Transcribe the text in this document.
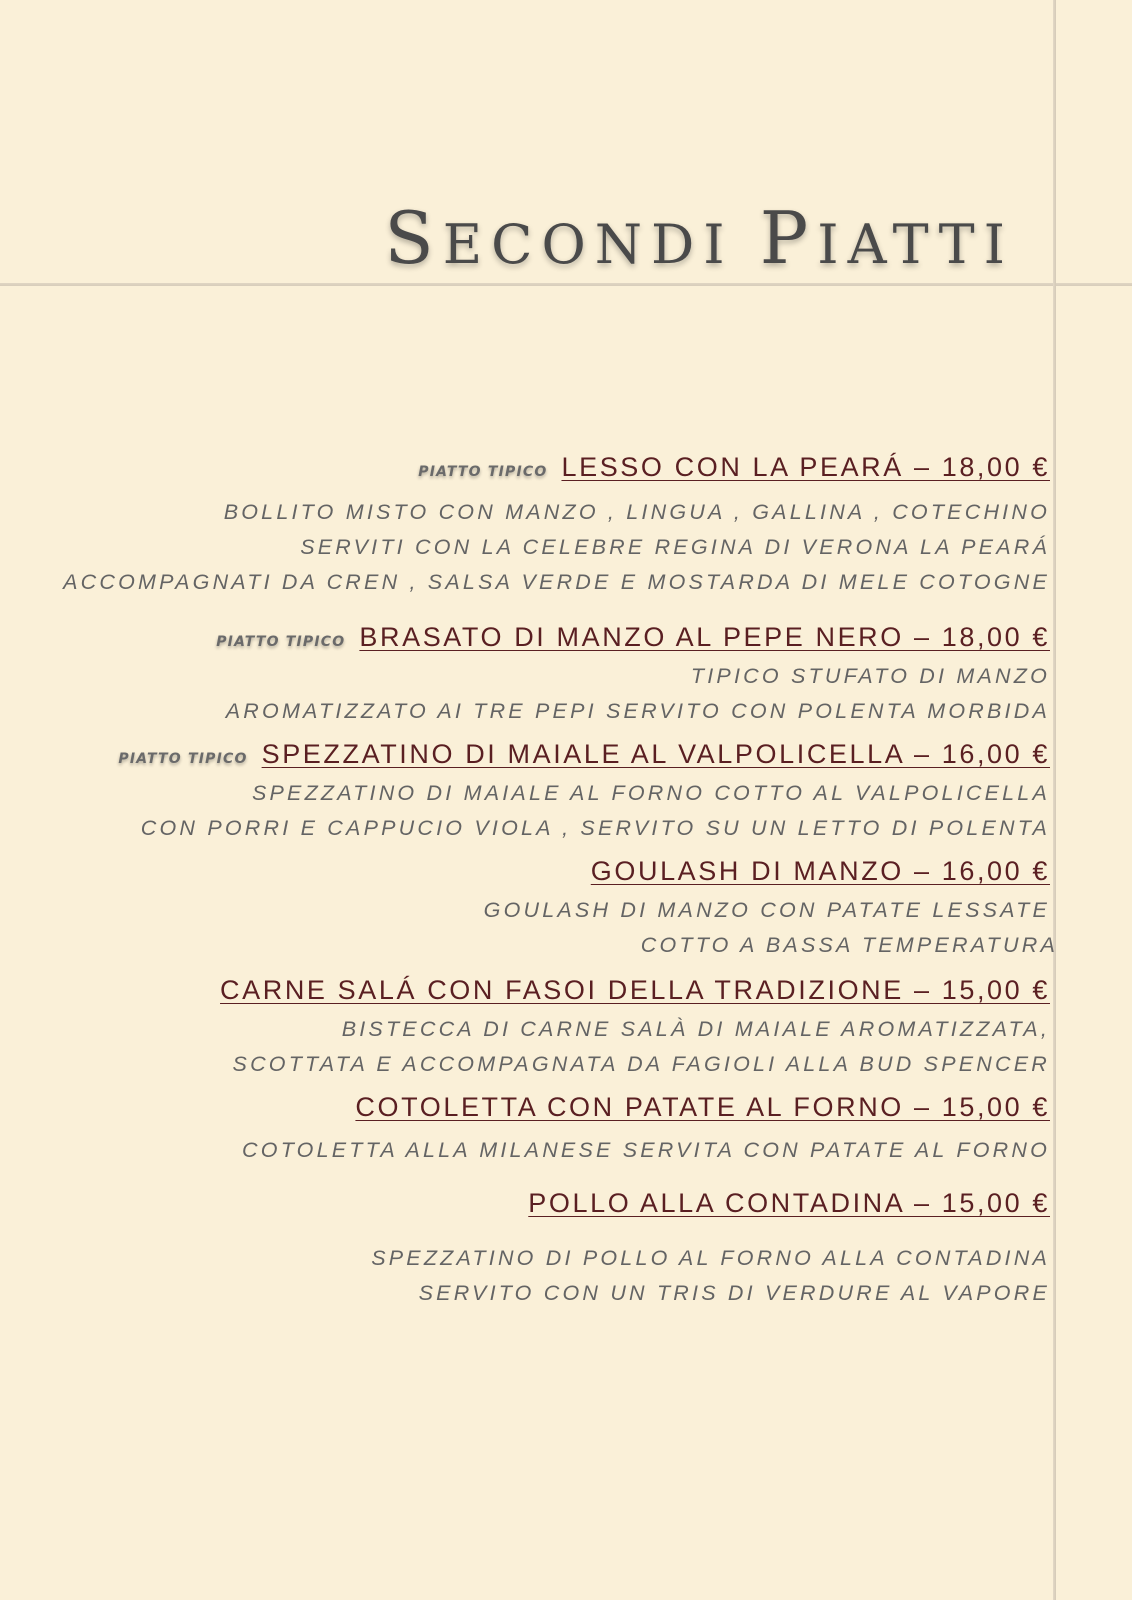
SECONDI PIATTI
PIATTO TIPICO LESSO CON LA PEARÁ – 18,00 €
BOLLITO MISTO CON MANZO , LINGUA , GALLINA , COTECHINO
SERVITI CON LA CELEBRE REGINA DI VERONA LA PEARÁ
ACCOMPAGNATI DA CREN , SALSA VERDE E MOSTARDA DI MELE COTOGNE
PIATTO TIPICO BRASATO DI MANZO AL PEPE NERO – 18,00 €
TIPICO STUFATO DI MANZO
AROMATIZZATO AI TRE PEPI SERVITO CON POLENTA MORBIDA
PIATTO TIPICO SPEZZATINO DI MAIALE AL VALPOLICELLA – 16,00 €
SPEZZATINO DI MAIALE AL FORNO COTTO AL VALPOLICELLA
CON PORRI E CAPPUCIO VIOLA , SERVITO SU UN LETTO DI POLENTA
GOULASH DI MANZO – 16,00 €
GOULASH DI MANZO CON PATATE LESSATE
COTTO A BASSA TEMPERATURA
CARNE SALÁ CON FASOI DELLA TRADIZIONE – 15,00 €
BISTECCA DI CARNE SALÀ DI MAIALE AROMATIZZATA,
SCOTTATA E ACCOMPAGNATA DA FAGIOLI ALLA BUD SPENCER
COTOLETTA CON PATATE AL FORNO – 15,00 €
COTOLETTA ALLA MILANESE SERVITA CON PATATE AL FORNO
POLLO ALLA CONTADINA – 15,00 €
SPEZZATINO DI POLLO AL FORNO ALLA CONTADINA
SERVITO CON UN TRIS DI VERDURE AL VAPORE
